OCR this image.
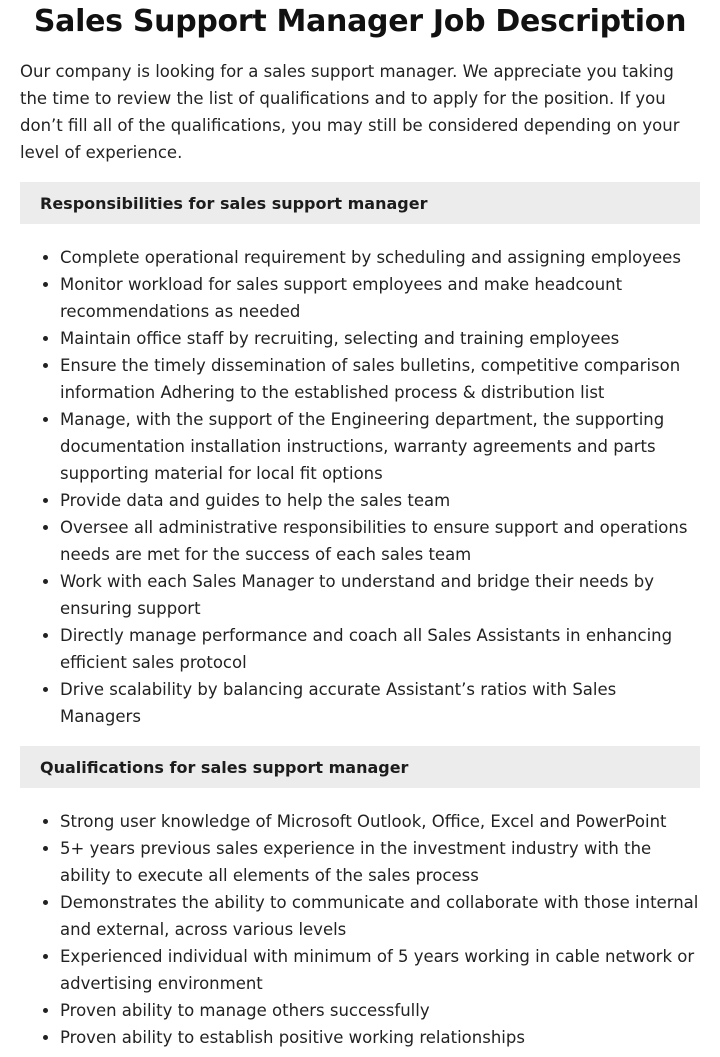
Sales Support Manager Job Description

Our company is looking for a sales support manager. We appreciate you taking the time to review the list of qualifications and to apply for the position. If you don’t fill all of the qualifications, you may still be considered depending on your level of experience.

Responsibilities for sales support manager
• Complete operational requirement by scheduling and assigning employees
• Monitor workload for sales support employees and make headcount recommendations as needed
• Maintain office staff by recruiting, selecting and training employees
• Ensure the timely dissemination of sales bulletins, competitive comparison information Adhering to the established process & distribution list
• Manage, with the support of the Engineering department, the supporting documentation installation instructions, warranty agreements and parts supporting material for local fit options
• Provide data and guides to help the sales team
• Oversee all administrative responsibilities to ensure support and operations needs are met for the success of each sales team
• Work with each Sales Manager to understand and bridge their needs by ensuring support
• Directly manage performance and coach all Sales Assistants in enhancing efficient sales protocol
• Drive scalability by balancing accurate Assistant’s ratios with Sales Managers
Qualifications for sales support manager
• Strong user knowledge of Microsoft Outlook, Office, Excel and PowerPoint
• 5+ years previous sales experience in the investment industry with the ability to execute all elements of the sales process
• Demonstrates the ability to communicate and collaborate with those internal and external, across various levels
• Experienced individual with minimum of 5 years working in cable network or advertising environment
• Proven ability to manage others successfully
• Proven ability to establish positive working relationships
